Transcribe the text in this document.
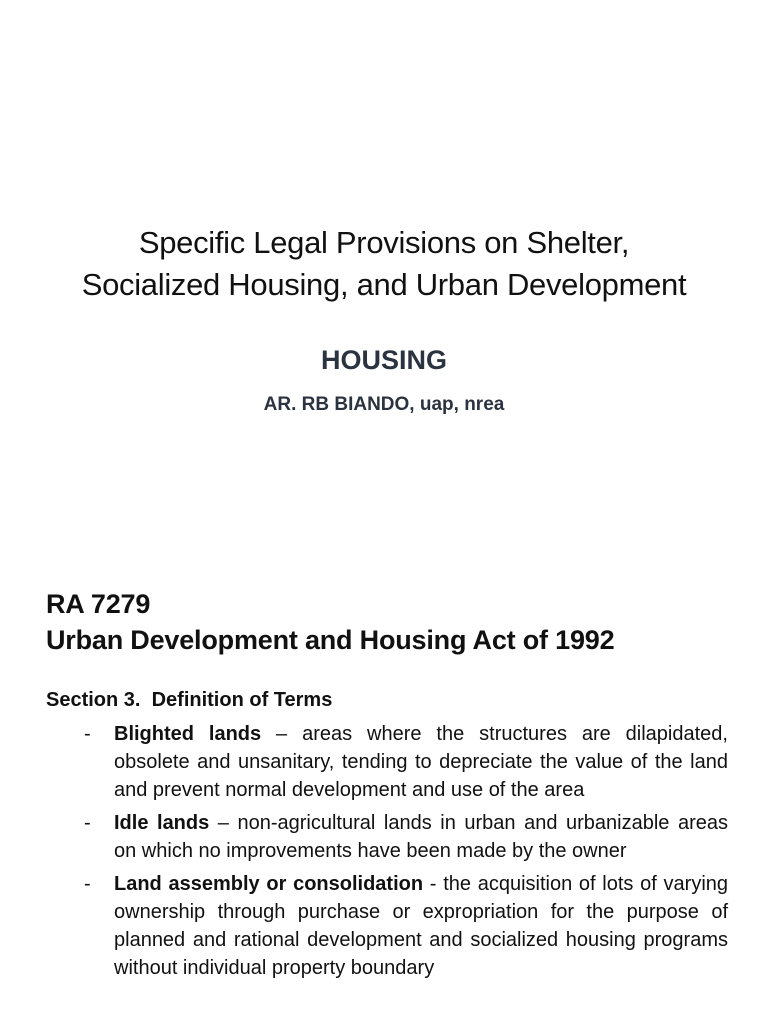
Specific Legal Provisions on Shelter,
Socialized Housing, and Urban Development
HOUSING

AR. RB BIANDO, uap, nrea

RA 7279
Urban Development and Housing Act of 1992
Section 3.  Definition of Terms
-	Blighted lands – areas where the structures are dilapidated, obsolete and unsanitary, tending to depreciate the value of the land and prevent normal development and use of the area
-	Idle lands – non-agricultural lands in urban and urbanizable areas on which no improvements have been made by the owner
-	Land assembly or consolidation - the acquisition of lots of varying ownership through purchase or expropriation for the purpose of planned and rational development and socialized housing programs without individual property boundary
